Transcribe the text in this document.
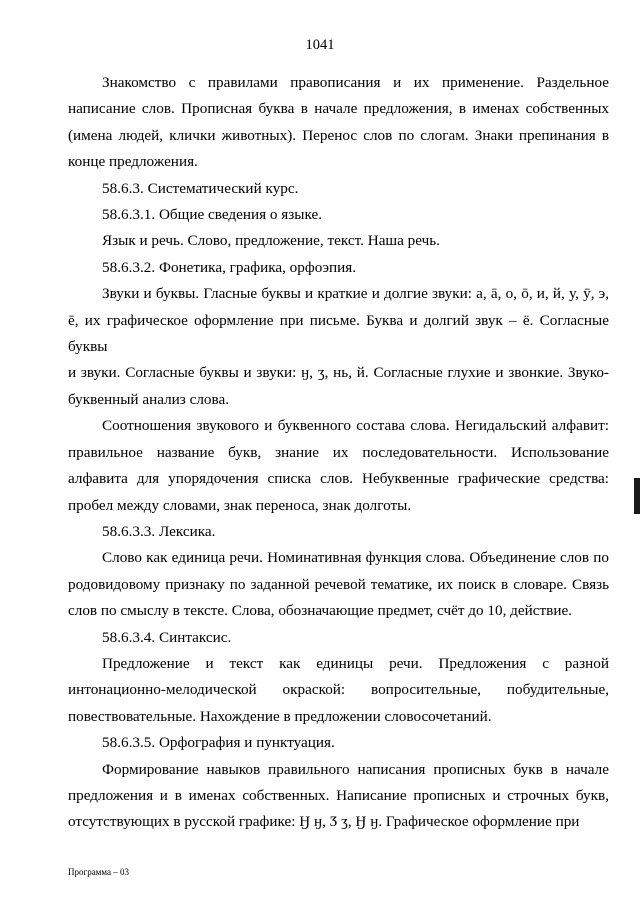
1041

Знакомство с правилами правописания и их применение. Раздельное написание слов. Прописная буква в начале предложения, в именах собственных (имена людей, клички животных). Перенос слов по слогам. Знаки препинания в конце предложения.

58.6.3. Систематический курс.

58.6.3.1. Общие сведения о языке.

Язык и речь. Слово, предложение, текст. Наша речь.

58.6.3.2. Фонетика, графика, орфоэпия.

Звуки и буквы. Гласные буквы и краткие и долгие звуки: а, ā, о, ō, и, й, у, ӯ, э, ē, их графическое оформление при письме. Буква и долгий звук – ё. Согласные буквы

и звуки. Согласные буквы и звуки: ӈ, ӡ, нь, й. Согласные глухие и звонкие. Звуко-буквенный анализ слова.

Соотношения звукового и буквенного состава слова. Негидальский алфавит: правильное название букв, знание их последовательности. Использование алфавита для упорядочения списка слов. Небуквенные графические средства: пробел между словами, знак переноса, знак долготы.

58.6.3.3. Лексика.

Слово как единица речи. Номинативная функция слова. Объединение слов по родовидовому признаку по заданной речевой тематике, их поиск в словаре. Связь слов по смыслу в тексте. Слова, обозначающие предмет, счёт до 10, действие.

58.6.3.4. Синтаксис.

Предложение и текст как единицы речи. Предложения с разной интонационно-мелодической окраской: вопросительные, побудительные, повествовательные. Нахождение в предложении словосочетаний.

58.6.3.5. Орфография и пунктуация.

Формирование навыков правильного написания прописных букв в начале предложения и в именах собственных. Написание прописных и строчных букв, отсутствующих в русской графике: Ӈ ӈ, Ӡ ӡ, Ӈ ӈ. Графическое оформление при

Программа – 03
